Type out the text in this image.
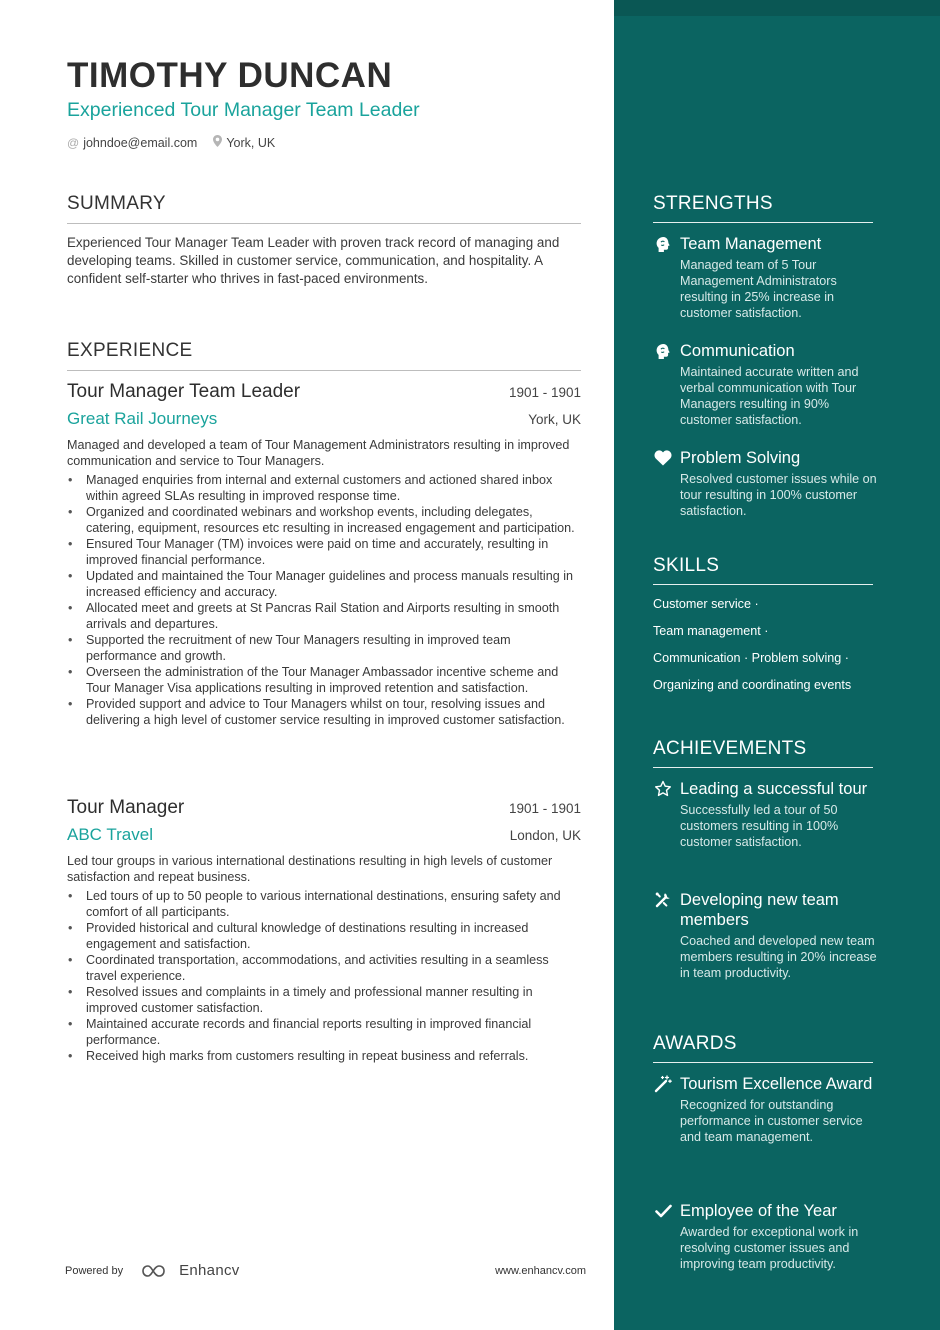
TIMOTHY DUNCAN
Experienced Tour Manager Team Leader
@ johndoe@email.com York, UK
SUMMARY
Experienced Tour Manager Team Leader with proven track record of managing and developing teams. Skilled in customer service, communication, and hospitality. A confident self-starter who thrives in fast-paced environments.
EXPERIENCE
Tour Manager Team Leader	1901 - 1901
Great Rail Journeys	York, UK
Managed and developed a team of Tour Management Administrators resulting in improved communication and service to Tour Managers.
• Managed enquiries from internal and external customers and actioned shared inbox within agreed SLAs resulting in improved response time.
• Organized and coordinated webinars and workshop events, including delegates, catering, equipment, resources etc resulting in increased engagement and participation.
• Ensured Tour Manager (TM) invoices were paid on time and accurately, resulting in improved financial performance.
• Updated and maintained the Tour Manager guidelines and process manuals resulting in increased efficiency and accuracy.
• Allocated meet and greets at St Pancras Rail Station and Airports resulting in smooth arrivals and departures.
• Supported the recruitment of new Tour Managers resulting in improved team performance and growth.
• Overseen the administration of the Tour Manager Ambassador incentive scheme and Tour Manager Visa applications resulting in improved retention and satisfaction.
• Provided support and advice to Tour Managers whilst on tour, resolving issues and delivering a high level of customer service resulting in improved customer satisfaction.
Tour Manager	1901 - 1901
ABC Travel	London, UK
Led tour groups in various international destinations resulting in high levels of customer satisfaction and repeat business.
• Led tours of up to 50 people to various international destinations, ensuring safety and comfort of all participants.
• Provided historical and cultural knowledge of destinations resulting in increased engagement and satisfaction.
• Coordinated transportation, accommodations, and activities resulting in a seamless travel experience.
• Resolved issues and complaints in a timely and professional manner resulting in improved customer satisfaction.
• Maintained accurate records and financial reports resulting in improved financial performance.
• Received high marks from customers resulting in repeat business and referrals.
Powered by	Enhancv	www.enhancv.com
STRENGTHS
Team Management
Managed team of 5 Tour Management Administrators resulting in 25% increase in customer satisfaction.
Communication
Maintained accurate written and verbal communication with Tour Managers resulting in 90% customer satisfaction.
Problem Solving
Resolved customer issues while on tour resulting in 100% customer satisfaction.
SKILLS
Customer service ·
Team management ·
Communication · Problem solving ·
Organizing and coordinating events
ACHIEVEMENTS
Leading a successful tour
Successfully led a tour of 50 customers resulting in 100% customer satisfaction.
Developing new team members
Coached and developed new team members resulting in 20% increase in team productivity.
AWARDS
Tourism Excellence Award
Recognized for outstanding performance in customer service and team management.
Employee of the Year
Awarded for exceptional work in resolving customer issues and improving team productivity.
